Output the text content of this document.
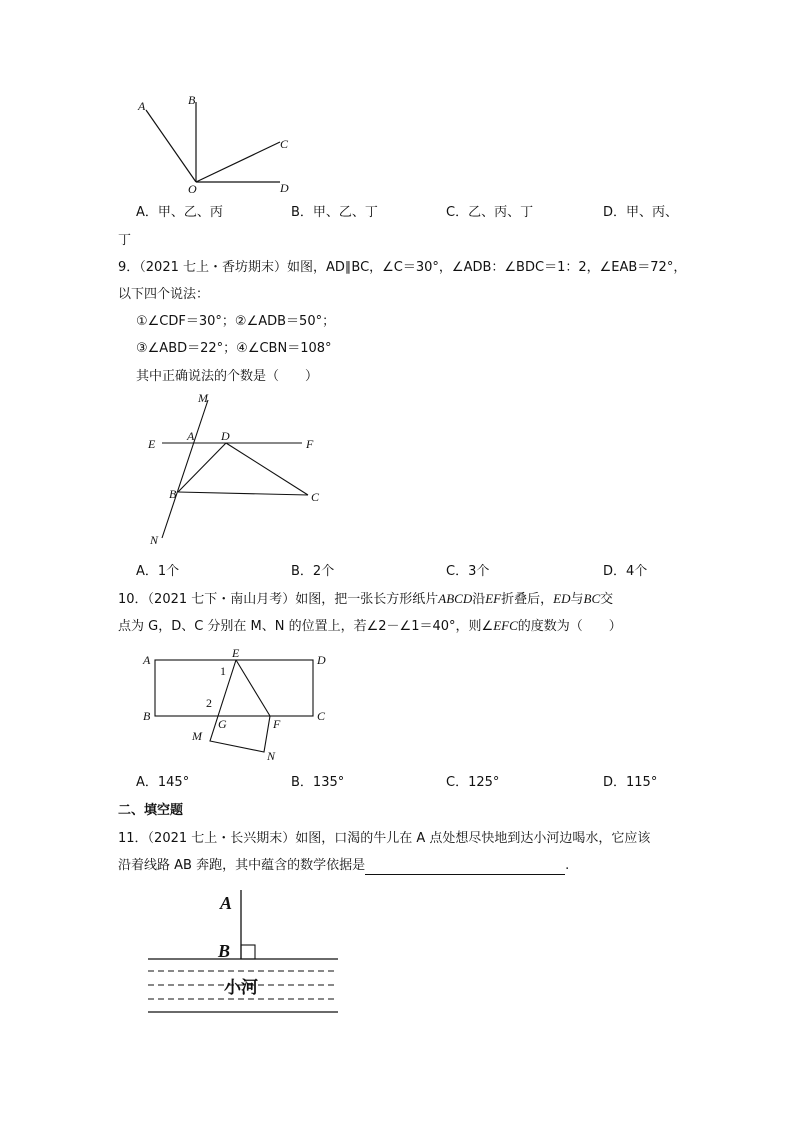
A	B
C
O	D
A．甲、乙、丙	B．甲、乙、丁	C．乙、丙、丁	D．甲、丙、
丁
9．（2021 七上・香坊期末）如图，AD∥BC，∠C＝30°，∠ADB：∠BDC＝1：2，∠EAB＝72°，
以下四个说法：
①∠CDF＝30°；②∠ADB＝50°；
③∠ABD＝22°；④∠CBN＝108°
其中正确说法的个数是（　　）
M
E
A D
F
B	C
N
A．1个	B．2个	C．3个	D．4个
10．（2021 七下・南山月考）如图，把一张长方形纸片ABCD沿EF折叠后，ED与BC交
点为 G，D、C 分别在 M、N 的位置上，若∠2－∠1＝40°，则∠EFC的度数为（　　）
A	E	D
1
2
B
G	F
C
M
N
A．145°	B．135°	C．125°	D．115°
二、填空题
11．（2021 七上・长兴期末）如图，口渴的牛儿在 A 点处想尽快地到达小河边喝水，它应该
沿着线路 AB 奔跑，其中蕴含的数学依据是	.
A
B
小河
